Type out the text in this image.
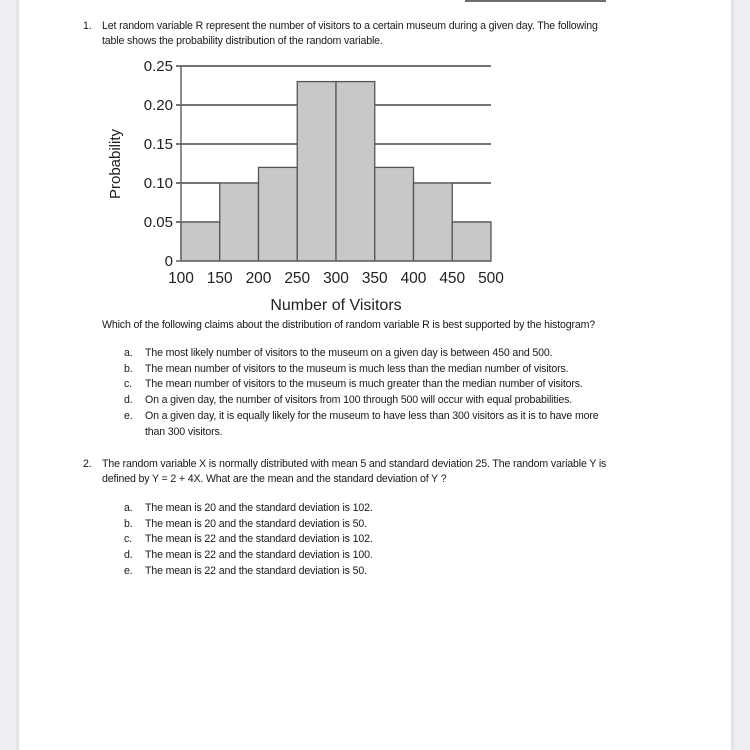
1. Let random variable R represent the number of visitors to a certain museum during a given day. The following
table shows the probability distribution of the random variable.
0
0.05
0.10
0.15
0.20
0.25
100 150 200 250 300 350 400 450 500
Probability
Number of Visitors
Which of the following claims about the distribution of random variable R is best supported by the histogram?
a. The most likely number of visitors to the museum on a given day is between 450 and 500.
b. The mean number of visitors to the museum is much less than the median number of visitors.
c. The mean number of visitors to the museum is much greater than the median number of visitors.
d. On a given day, the number of visitors from 100 through 500 will occur with equal probabilities.
e. On a given day, it is equally likely for the museum to have less than 300 visitors as it is to have more
than 300 visitors.
2. The random variable X is normally distributed with mean 5 and standard deviation 25. The random variable Y is
defined by Y = 2 + 4X. What are the mean and the standard deviation of Y ?
a. The mean is 20 and the standard deviation is 102.
b. The mean is 20 and the standard deviation is 50.
c. The mean is 22 and the standard deviation is 102.
d. The mean is 22 and the standard deviation is 100.
e. The mean is 22 and the standard deviation is 50.
